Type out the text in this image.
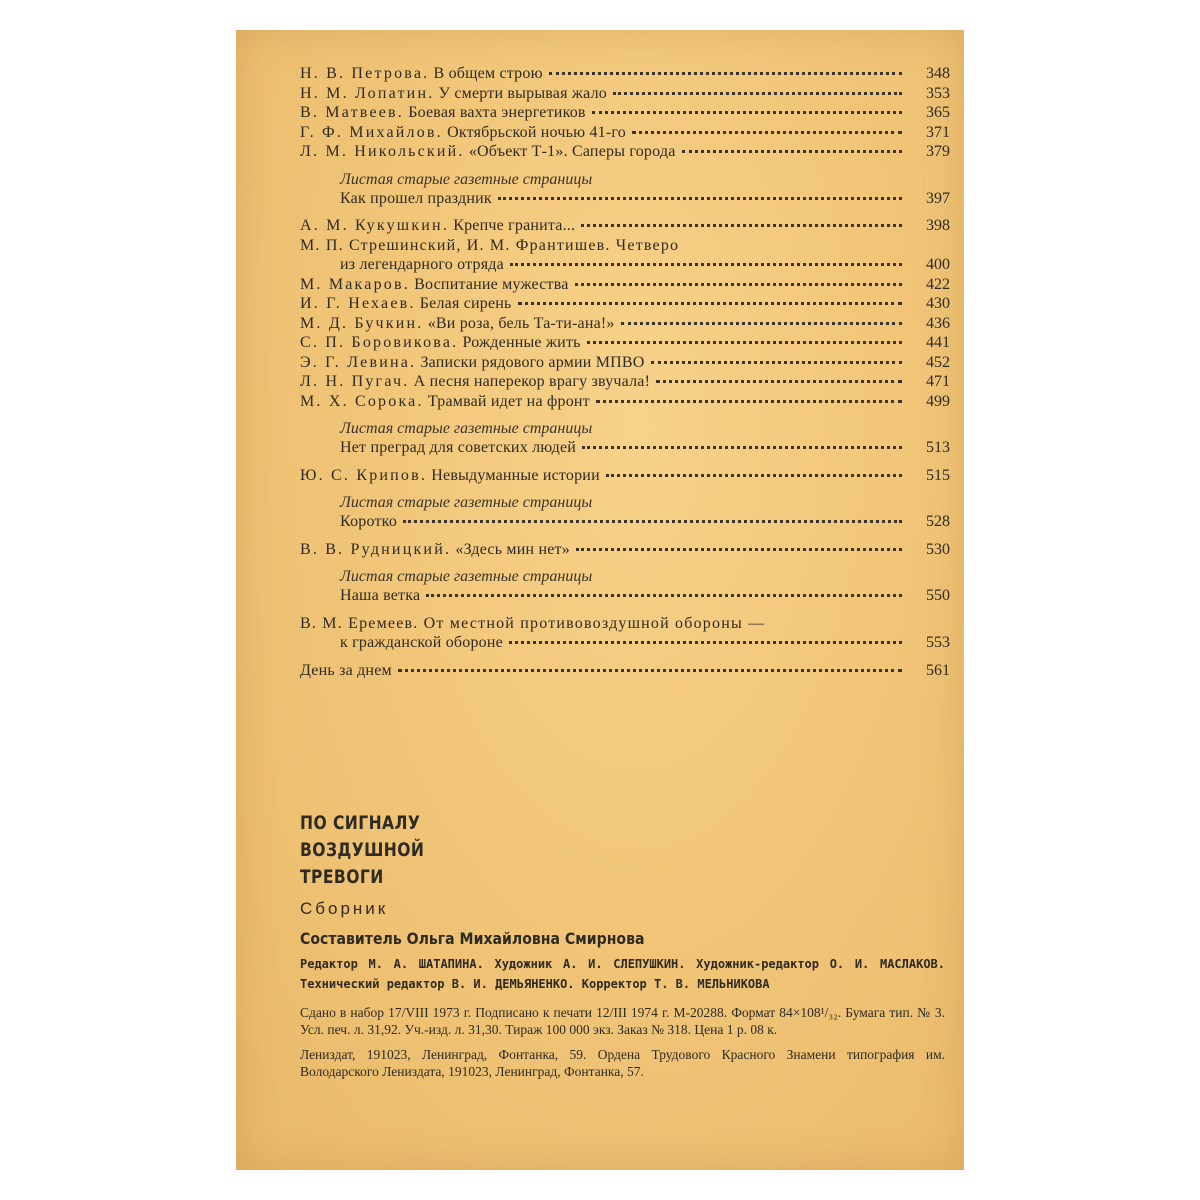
Н. В. Петрова. В общем строю	348
Н. М. Лопатин. У смерти вырывая жало	353
В. Матвеев. Боевая вахта энергетиков	365
Г. Ф. Михайлов. Октябрьской ночью 41-го	371
Л. М. Никольский. «Объект Т-1». Саперы города	379
Листая старые газетные страницы
Как прошел праздник	397
А. М. Кукушкин. Крепче гранита...	398
М. П. Стрешинский, И. М. Франтишев. Четверо
из легендарного отряда	400
М. Макаров. Воспитание мужества	422
И. Г. Нехаев. Белая сирень	430
М. Д. Бучкин. «Ви роза, бель Та-ти-ана!»	436
С. П. Боровикова. Рожденные жить	441
Э. Г. Левина. Записки рядового армии МПВО	452
Л. Н. Пугач. А песня наперекор врагу звучала!	471
М. Х. Сорока. Трамвай идет на фронт	499
Листая старые газетные страницы
Нет преград для советских людей	513
Ю. С. Крипов. Невыдуманные истории	515
Листая старые газетные страницы
Коротко	528
В. В. Рудницкий. «Здесь мин нет»	530
Листая старые газетные страницы
Наша ветка	550
В. М. Еремеев. От местной противовоздушной обороны —
к гражданской обороне	553
День за днем	561
ПО СИГНАЛУ
ВОЗДУШНОЙ
ТРЕВОГИ
Сборник
Составитель Ольга Михайловна Смирнова
Редактор М. А. ШАТАПИНА. Художник А. И. СЛЕПУШКИН. Художник-редактор О. И. МАСЛАКОВ. Технический редактор В. И. ДЕМЬЯНЕНКО. Корректор Т. В. МЕЛЬНИКОВА
Сдано в набор 17/VIII 1973 г. Подписано к печати 12/III 1974 г. М-20288. Формат 84×108¹/₃₂. Бумага тип. № 3. Усл. печ. л. 31,92. Уч.-изд. л. 31,30. Тираж 100 000 экз. Заказ № 318. Цена 1 р. 08 к.
Лениздат, 191023, Ленинград, Фонтанка, 59. Ордена Трудового Красного Знамени типография им. Володарского Лениздата, 191023, Ленинград, Фонтанка, 57.
